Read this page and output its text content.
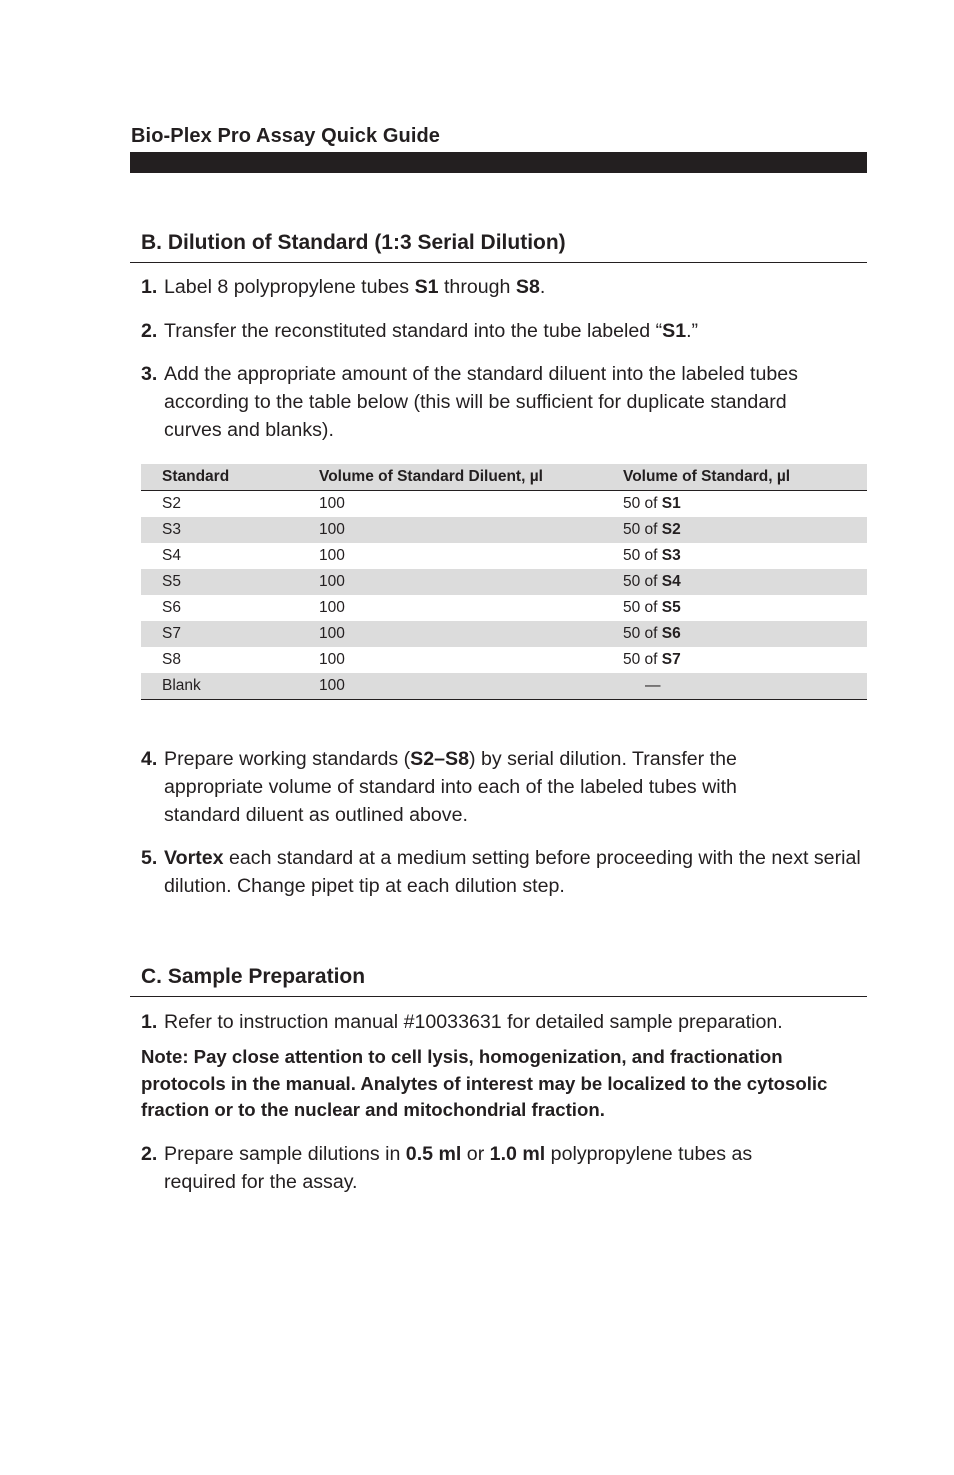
Bio-Plex Pro Assay Quick Guide
B. Dilution of Standard (1:3 Serial Dilution)
1. Label 8 polypropylene tubes S1 through S8.
2. Transfer the reconstituted standard into the tube labeled “S1.”
3. Add the appropriate amount of the standard diluent into the labeled tubes according to the table below (this will be sufficient for duplicate standard curves and blanks).
Standard	Volume of Standard Diluent, µl	Volume of Standard, µl
S2	100	50 of S1
S3	100	50 of S2
S4	100	50 of S3
S5	100	50 of S4
S6	100	50 of S5
S7	100	50 of S6
S8	100	50 of S7
Blank	100	—
4. Prepare working standards (S2–S8) by serial dilution. Transfer the appropriate volume of standard into each of the labeled tubes with standard diluent as outlined above.
5. Vortex each standard at a medium setting before proceeding with the next serial dilution. Change pipet tip at each dilution step.
C. Sample Preparation
1. Refer to instruction manual #10033631 for detailed sample preparation.
Note: Pay close attention to cell lysis, homogenization, and fractionation protocols in the manual. Analytes of interest may be localized to the cytosolic fraction or to the nuclear and mitochondrial fraction.
2. Prepare sample dilutions in 0.5 ml or 1.0 ml polypropylene tubes as required for the assay.
